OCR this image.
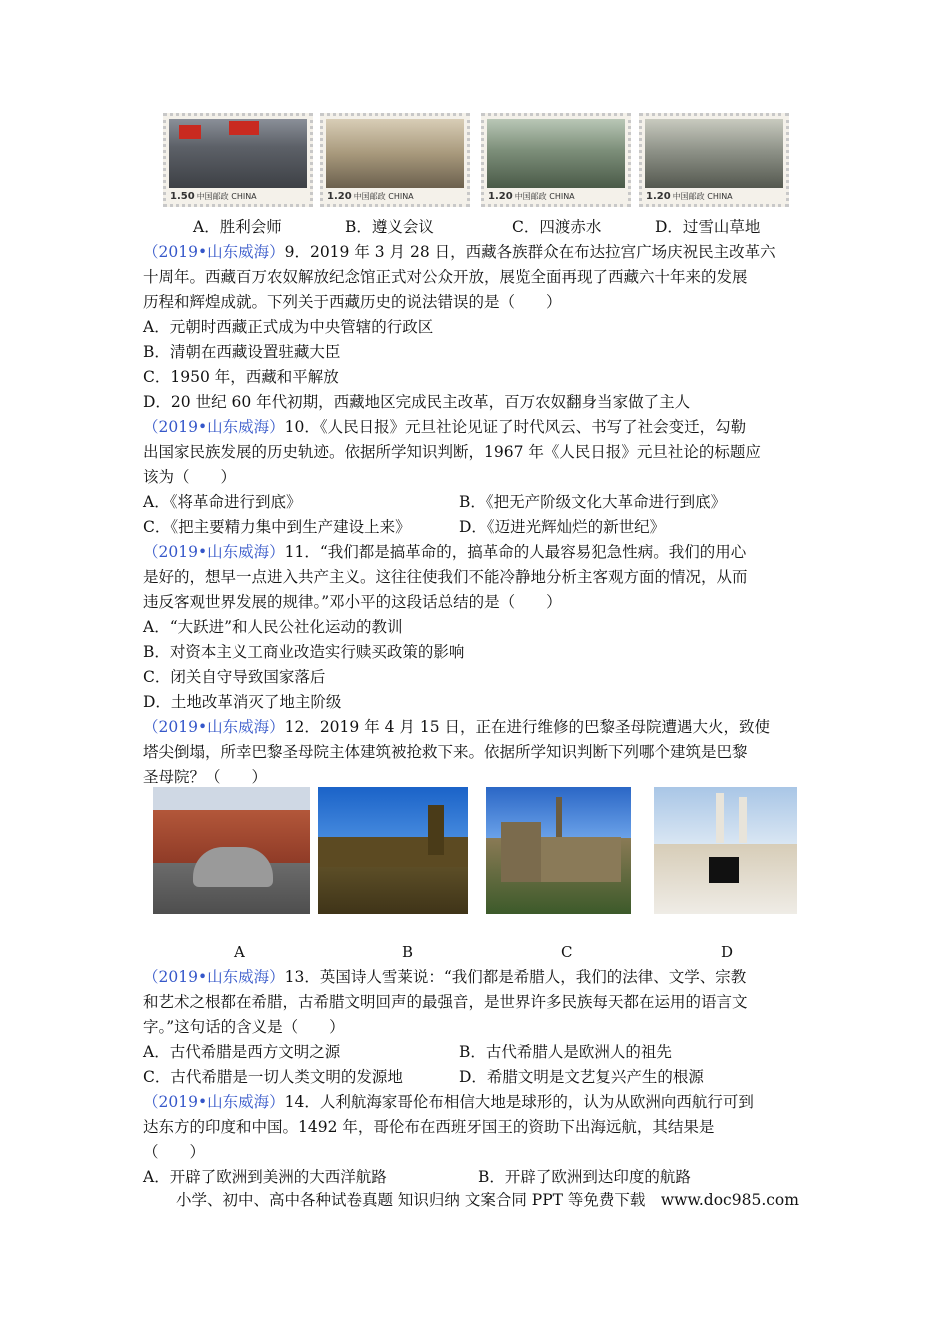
1.50 中国邮政 CHINA	1.20 中国邮政 CHINA	1.20 中国邮政 CHINA	1.20 中国邮政 CHINA
A．胜利会师	B．遵义会议	C．四渡赤水	D．过雪山草地
（2019•山东威海）9．2019 年 3 月 28 日，西藏各族群众在布达拉宫广场庆祝民主改革六
十周年。西藏百万农奴解放纪念馆正式对公众开放，展览全面再现了西藏六十年来的发展
历程和辉煌成就。下列关于西藏历史的说法错误的是（　　）
A．元朝时西藏正式成为中央管辖的行政区
B．清朝在西藏设置驻藏大臣
C．1950 年，西藏和平解放
D．20 世纪 60 年代初期，西藏地区完成民主改革，百万农奴翻身当家做了主人
（2019•山东威海）10．《人民日报》元旦社论见证了时代风云、书写了社会变迁，勾勒
出国家民族发展的历史轨迹。依据所学知识判断，1967 年《人民日报》元旦社论的标题应
该为（　　）
A．《将革命进行到底》	B．《把无产阶级文化大革命进行到底》
C．《把主要精力集中到生产建设上来》	D．《迈进光辉灿烂的新世纪》
（2019•山东威海）11．“我们都是搞革命的，搞革命的人最容易犯急性病。我们的用心
是好的，想早一点进入共产主义。这往往使我们不能冷静地分析主客观方面的情况，从而
违反客观世界发展的规律。”邓小平的这段话总结的是（　　）
A．“大跃进”和人民公社化运动的教训
B．对资本主义工商业改造实行赎买政策的影响
C．闭关自守导致国家落后
D．土地改革消灭了地主阶级
（2019•山东威海）12．2019 年 4 月 15 日，正在进行维修的巴黎圣母院遭遇大火，致使
塔尖倒塌，所幸巴黎圣母院主体建筑被抢救下来。依据所学知识判断下列哪个建筑是巴黎
圣母院？（　　）
A	B	C	D
（2019•山东威海）13．英国诗人雪莱说：“我们都是希腊人，我们的法律、文学、宗教
和艺术之根都在希腊，古希腊文明回声的最强音，是世界许多民族每天都在运用的语言文
字。”这句话的含义是（　　）
A．古代希腊是西方文明之源	B．古代希腊人是欧洲人的祖先
C．古代希腊是一切人类文明的发源地	D．希腊文明是文艺复兴产生的根源
（2019•山东威海）14．人利航海家哥伦布相信大地是球形的，认为从欧洲向西航行可到
达东方的印度和中国。1492 年，哥伦布在西班牙国王的资助下出海远航，其结果是
（　　）
A．开辟了欧洲到美洲的大西洋航路	B．开辟了欧洲到达印度的航路
小学、初中、高中各种试卷真题 知识归纳 文案合同 PPT 等免费下载　www.doc985.com
